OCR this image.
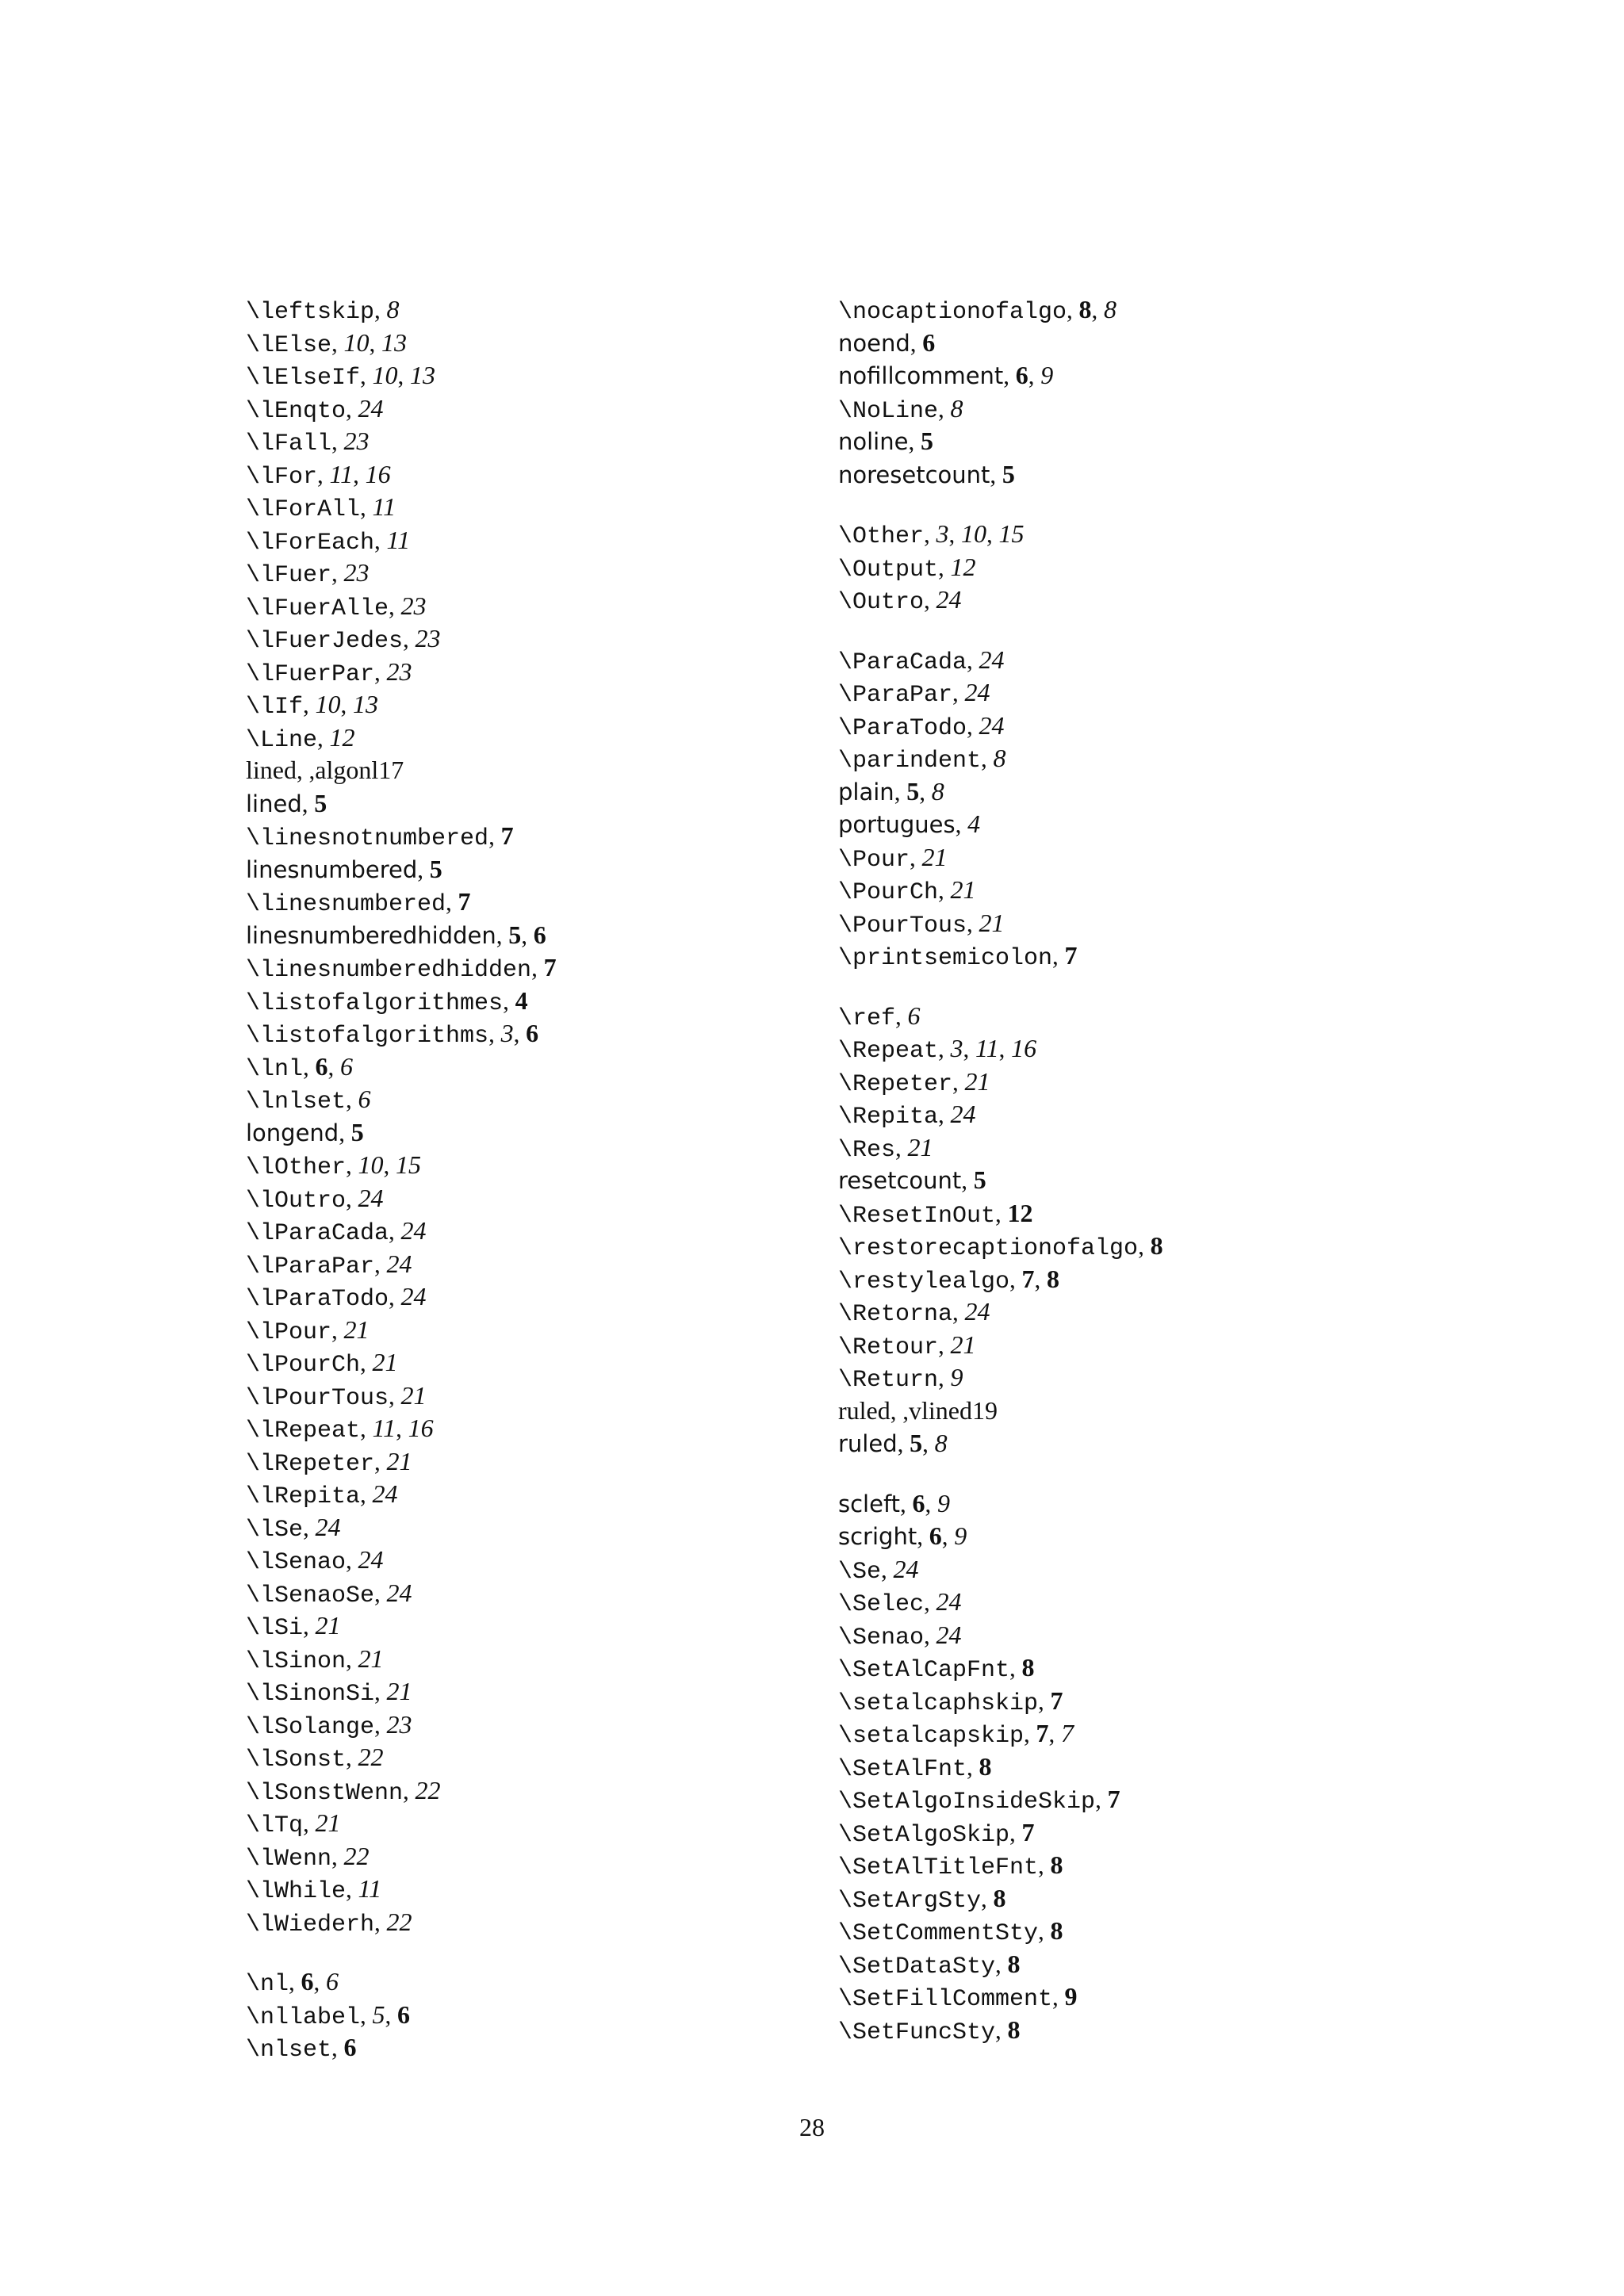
\leftskip, 8
\lElse, 10, 13
\lElseIf, 10, 13
\lEnqto, 24
\lFall, 23
\lFor, 11, 16
\lForAll, 11
\lForEach, 11
\lFuer, 23
\lFuerAlle, 23
\lFuerJedes, 23
\lFuerPar, 23
\lIf, 10, 13
\Line, 12
lined, ,algonl17
lined, 5
\linesnotnumbered, 7
linesnumbered, 5
\linesnumbered, 7
linesnumberedhidden, 5, 6
\linesnumberedhidden, 7
\listofalgorithmes, 4
\listofalgorithms, 3, 6
\lnl, 6, 6
\lnlset, 6
longend, 5
\lOther, 10, 15
\lOutro, 24
\lParaCada, 24
\lParaPar, 24
\lParaTodo, 24
\lPour, 21
\lPourCh, 21
\lPourTous, 21
\lRepeat, 11, 16
\lRepeter, 21
\lRepita, 24
\lSe, 24
\lSenao, 24
\lSenaoSe, 24
\lSi, 21
\lSinon, 21
\lSinonSi, 21
\lSolange, 23
\lSonst, 22
\lSonstWenn, 22
\lTq, 21
\lWenn, 22
\lWhile, 11
\lWiederh, 22
\nl, 6, 6
\nllabel, 5, 6
\nlset, 6
\nocaptionofalgo, 8, 8
noend, 6
nofillcomment, 6, 9
\NoLine, 8
noline, 5
noresetcount, 5
\Other, 3, 10, 15
\Output, 12
\Outro, 24
\ParaCada, 24
\ParaPar, 24
\ParaTodo, 24
\parindent, 8
plain, 5, 8
portugues, 4
\Pour, 21
\PourCh, 21
\PourTous, 21
\printsemicolon, 7
\ref, 6
\Repeat, 3, 11, 16
\Repeter, 21
\Repita, 24
\Res, 21
resetcount, 5
\ResetInOut, 12
\restorecaptionofalgo, 8
\restylealgo, 7, 8
\Retorna, 24
\Retour, 21
\Return, 9
ruled, ,vlined19
ruled, 5, 8
scleft, 6, 9
scright, 6, 9
\Se, 24
\Selec, 24
\Senao, 24
\SetAlCapFnt, 8
\setalcaphskip, 7
\setalcapskip, 7, 7
\SetAlFnt, 8
\SetAlgoInsideSkip, 7
\SetAlgoSkip, 7
\SetAlTitleFnt, 8
\SetArgSty, 8
\SetCommentSty, 8
\SetDataSty, 8
\SetFillComment, 9
\SetFuncSty, 8
28
